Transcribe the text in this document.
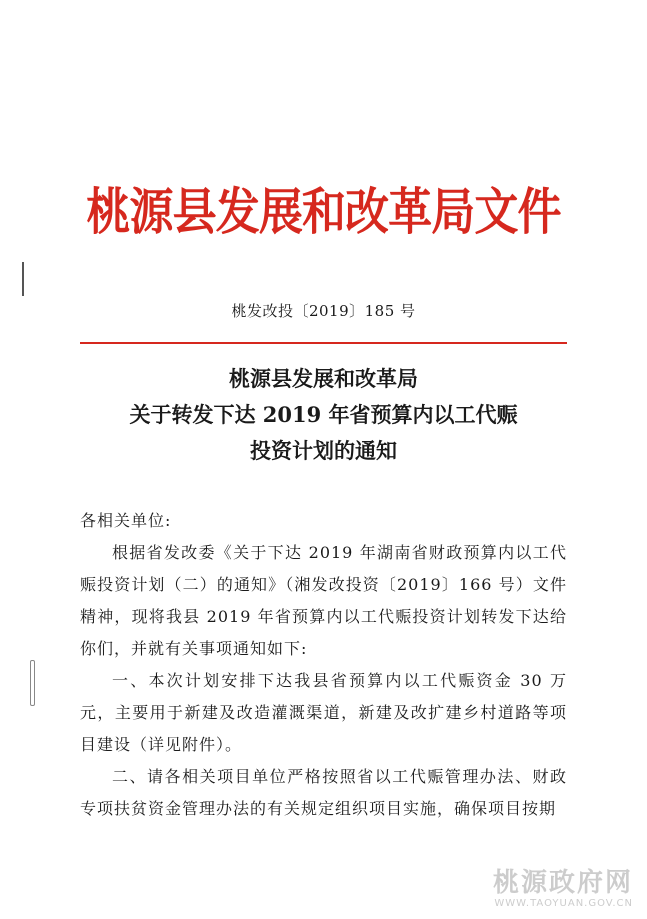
桃源县发展和改革局文件
桃发改投〔2019〕185 号
桃源县发展和改革局
关于转发下达 2019 年省预算内以工代赈
投资计划的通知

各相关单位:

根据省发改委《关于下达 2019 年湖南省财政预算内以工代赈投资计划（二）的通知》（湘发改投资〔2019〕166 号）文件精神，现将我县 2019 年省预算内以工代赈投资计划转发下达给你们，并就有关事项通知如下:

一、本次计划安排下达我县省预算内以工代赈资金 30 万元，主要用于新建及改造灌溉渠道，新建及改扩建乡村道路等项目建设（详见附件）。

二、请各相关项目单位严格按照省以工代赈管理办法、财政专项扶贫资金管理办法的有关规定组织项目实施，确保项目按期

桃源政府网
WWW.TAOYUAN.GOV.CN
